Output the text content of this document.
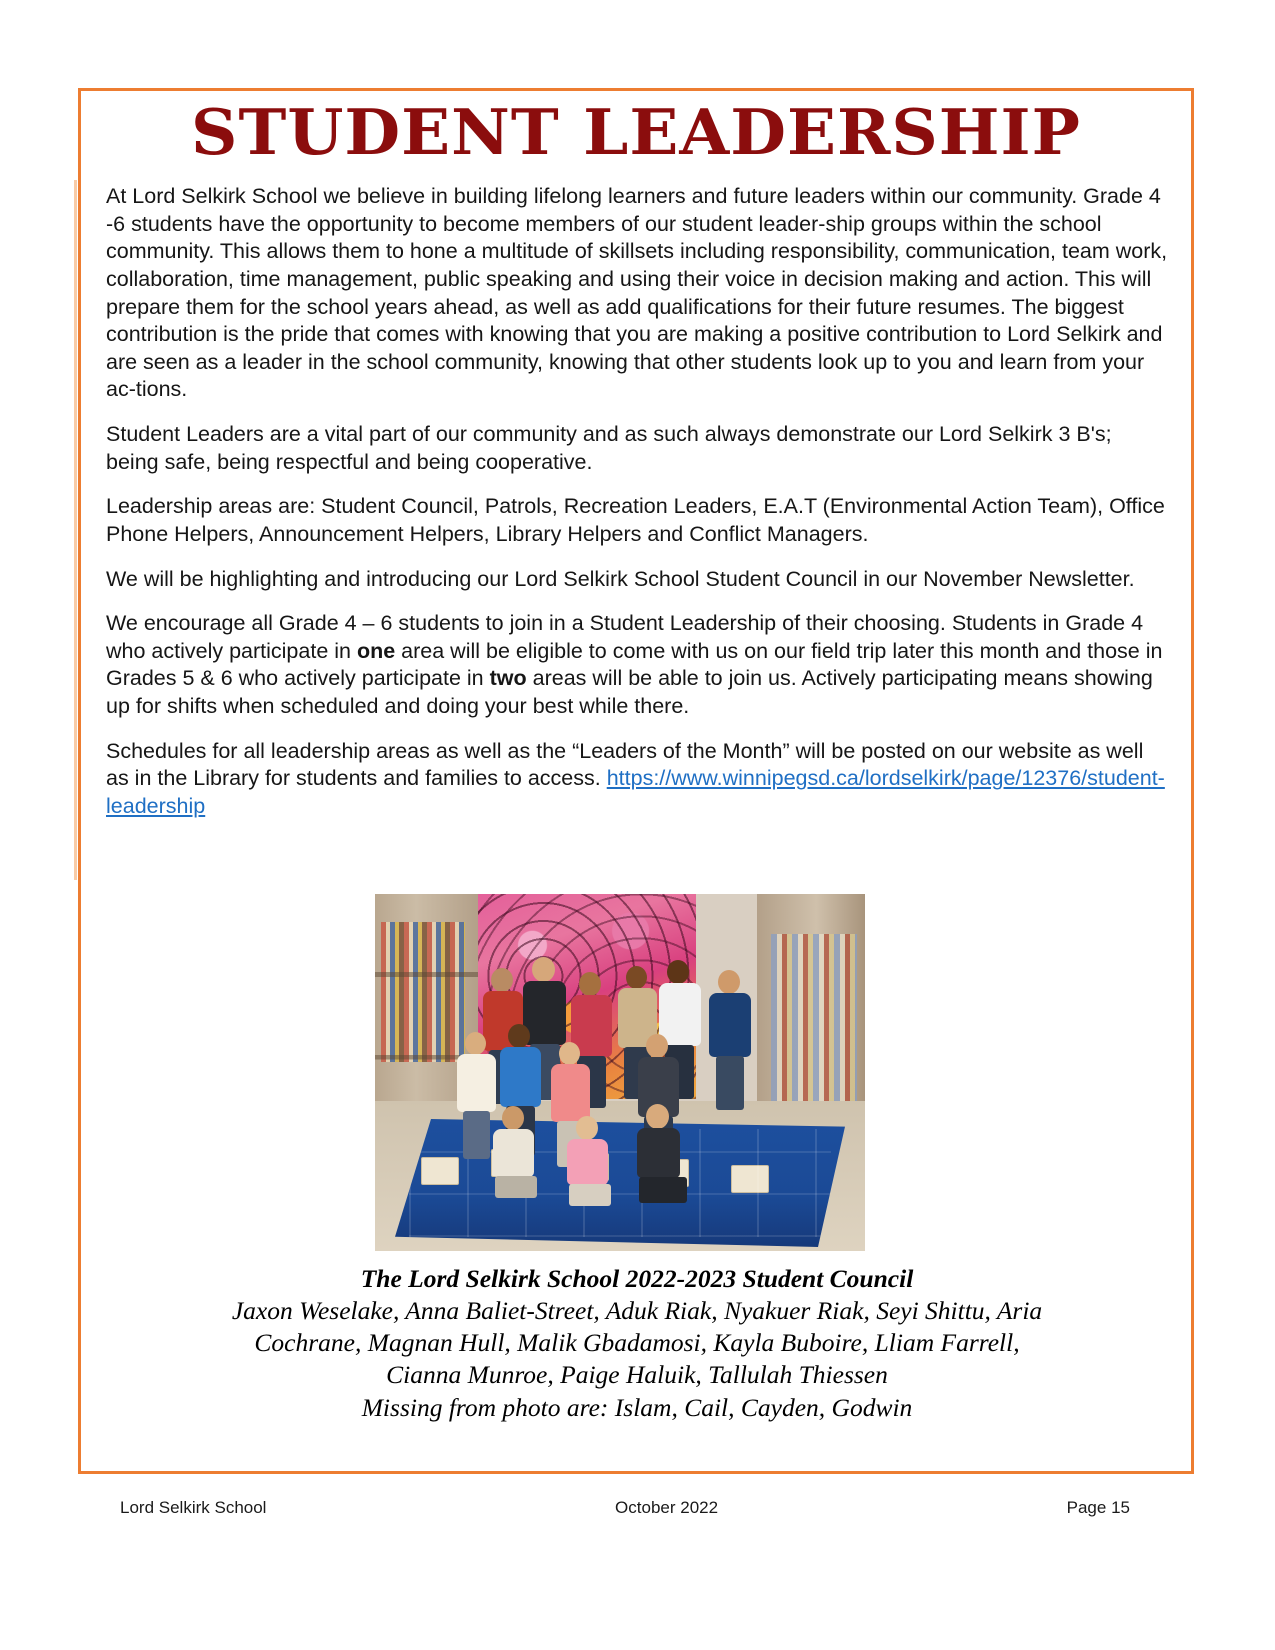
STUDENT LEADERSHIP

At Lord Selkirk School we believe in building lifelong learners and future leaders within our community. Grade 4 -6 students have the opportunity to become members of our student leader-ship groups within the school community. This allows them to hone a multitude of skillsets including responsibility, communication, team work, collaboration, time management, public speaking and using their voice in decision making and action. This will prepare them for the school years ahead, as well as add qualifications for their future resumes. The biggest contribution is the pride that comes with knowing that you are making a positive contribution to Lord Selkirk and are seen as a leader in the school community, knowing that other students look up to you and learn from your ac-tions.

Student Leaders are a vital part of our community and as such always demonstrate our Lord Selkirk 3 B's; being safe, being respectful and being cooperative.

Leadership areas are: Student Council, Patrols, Recreation Leaders, E.A.T (Environmental Action Team), Office Phone Helpers, Announcement Helpers, Library Helpers and Conflict Managers.

We will be highlighting and introducing our Lord Selkirk School Student Council in our November Newsletter.

We encourage all Grade 4 – 6 students to join in a Student Leadership of their choosing. Students in Grade 4 who actively participate in one area will be eligible to come with us on our field trip later this month and those in Grades 5 & 6 who actively participate in two areas will be able to join us. Actively participating means showing up for shifts when scheduled and doing your best while there.

Schedules for all leadership areas as well as the “Leaders of the Month” will be posted on our website as well as in the Library for students and families to access. https://www.winnipegsd.ca/lordselkirk/page/12376/student-leadership

The Lord Selkirk School 2022-2023 Student Council
Jaxon Weselake, Anna Baliet-Street, Aduk Riak, Nyakuer Riak, Seyi Shittu, Aria
Cochrane, Magnan Hull, Malik Gbadamosi, Kayla Buboire, Lliam Farrell,
Cianna Munroe, Paige Haluik, Tallulah Thiessen
Missing from photo are: Islam, Cail, Cayden, Godwin
Lord Selkirk School	October 2022	Page 15
